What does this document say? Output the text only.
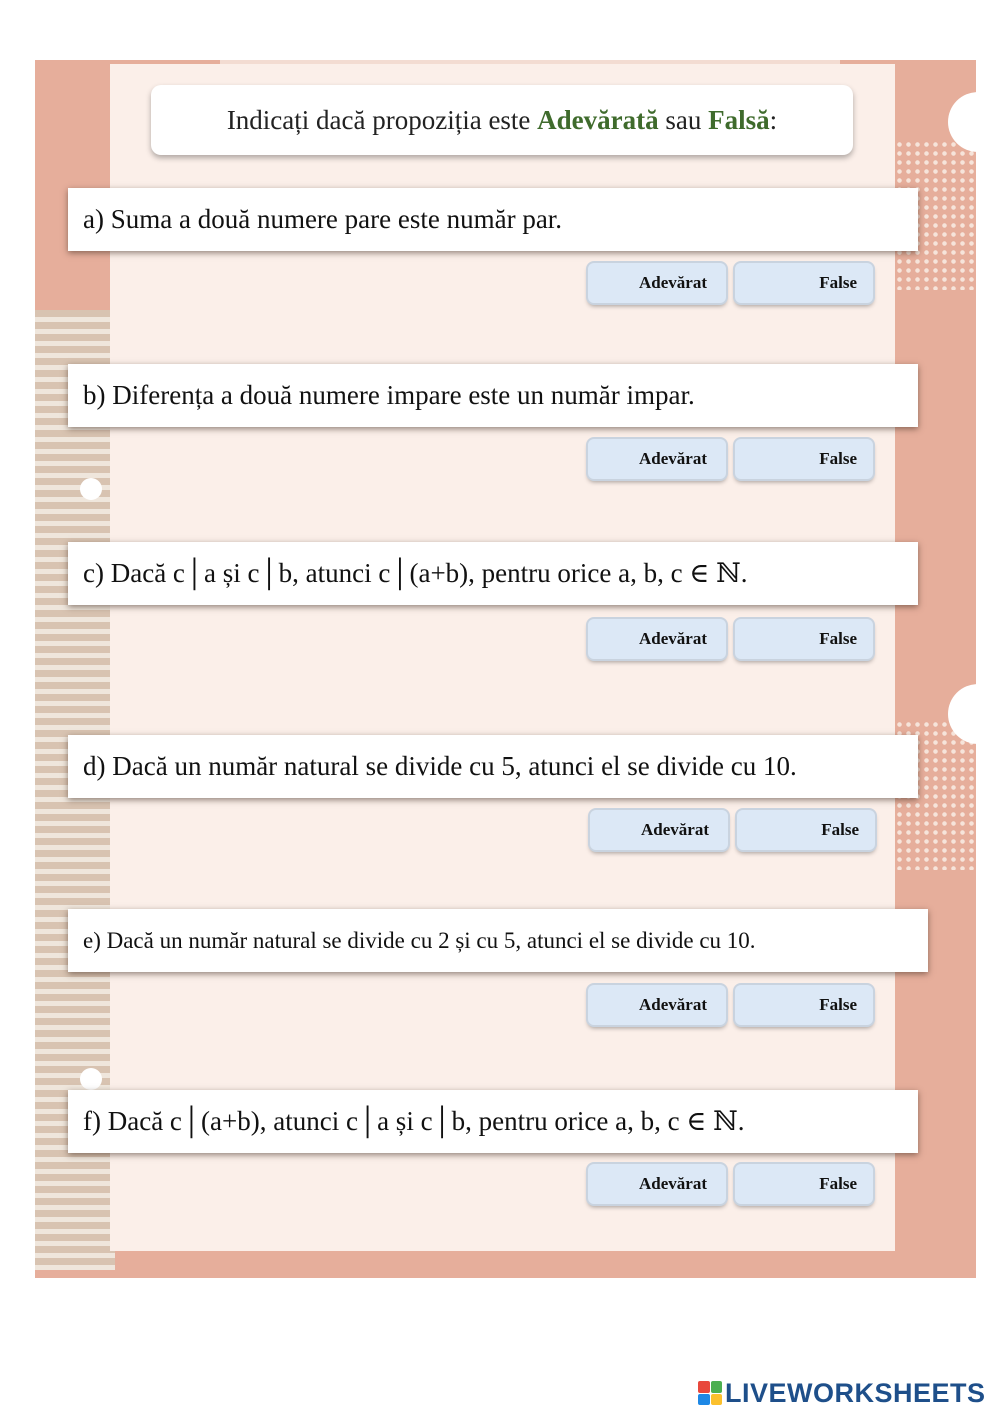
Indicați dacă propoziția este Adevărată sau Falsă :
a) Suma a două numere pare este număr par.
Adevărat	False
b) Diferența a două numere impare este un număr impar.
Adevărat	False
c) Dacă c│a și c│b, atunci c│(a+b), pentru orice a, b, c ∈ ℕ.
Adevărat	False
d) Dacă un număr natural se divide cu 5, atunci el se divide cu 10.
Adevărat	False
e) Dacă un număr natural se divide cu 2 și cu 5, atunci el se divide cu 10.
Adevărat	False
f) Dacă c│(a+b), atunci c│a și c│b, pentru orice a, b, c ∈ ℕ.
Adevărat	False
LIVEWORKSHEETS
